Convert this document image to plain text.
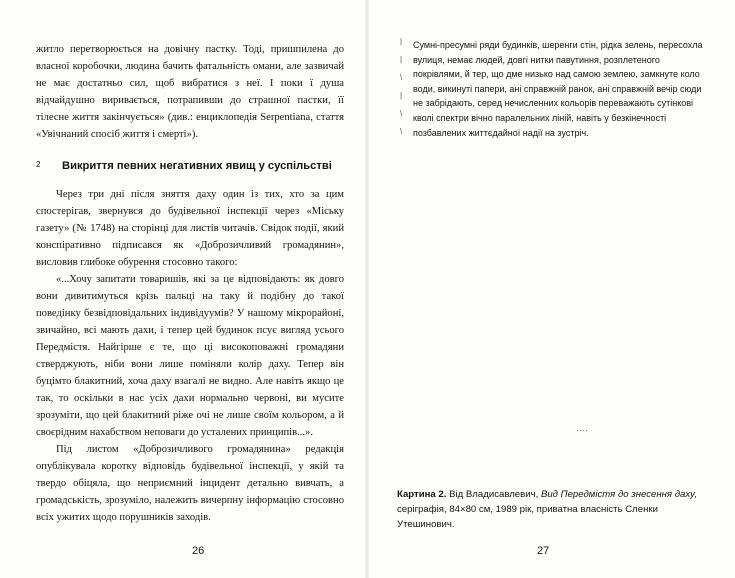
житло перетворюється на довічну пастку. Тоді, пришпилена до власної коробочки, людина бачить фатальність омани, але зазвичай не має достатньо сил, щоб вибратися з неї. І поки ї душа відчайдушно виривається, потрапивши до страшної пастки, її тілесне життя закінчується» (див.: енциклопедія Serpentiana, стаття «Увічнаний спосіб життя і смерті»).

2 Викриття певних негативних явищ у суспільстві

Через три дні після зняття даху один із тих, хто за цим спостерігав, звернувся до будівельної інспекції через «Міську газету» (№ 1748) на сторінці для листів читачів. Свідок події, який конспіративно підписався як «Доброзичливий громадянин», висловив глибоке обурення стосовно такого:

«...Хочу запитати товаришів, які за це відповідають: як довго вони дивитимуться крізь пальці на таку й подібну до такої поведінку безвідповідальних індивідуумів? У нашому мікрорайоні, звичайно, всі мають дахи, і тепер цей будинок псує вигляд усього Передмістя. Найгірше є те, що ці високоповажні громадяни стверджують, ніби вони лише поміняли колір даху. Тепер він буцімто блакитний, хоча даху взагалі не видно. Але навіть якщо це так, то оскільки в нас усіх дахи нормально червоні, ви мусите зрозуміти, що цей блакитний ріже очі не лише своїм кольором, а й своєрідним нахабством неповаги до усталених принципів...».

Під листом «Доброзичливого громадянина» редакція опублікувала коротку відповідь будівельної інспекції, у якій та твердо обіцяла, що неприємний інцидент детально вивчать, а громадськість, зрозуміло, належить вичерпну інформацію стосовно всіх ужитих щодо порушників заходів.

26
|
|
\
|
\
\
Сумні-пресумні ряди будинків, шеренги стін, рідка зелень, пересохла вулиця, немає людей, довгі нитки павутиння, розплетеного покрівлями, й тер, що дме низько над самою землею, замкнуте коло води, викинуті папери, ані справжній ранок, ані справжній вечір сюди не забрідають, серед нечисленних кольорів переважають сутінкові кволі спектри вічно паралельних ліній, навіть у безкінечності позбавлених життєдайної надії на зустріч.
Картина 2. Від Владисавлевич, Вид Передмістя до знесення даху, серіграфія, 84×80 см, 1989 рік, приватна власність Сленки Утешинович.
27
